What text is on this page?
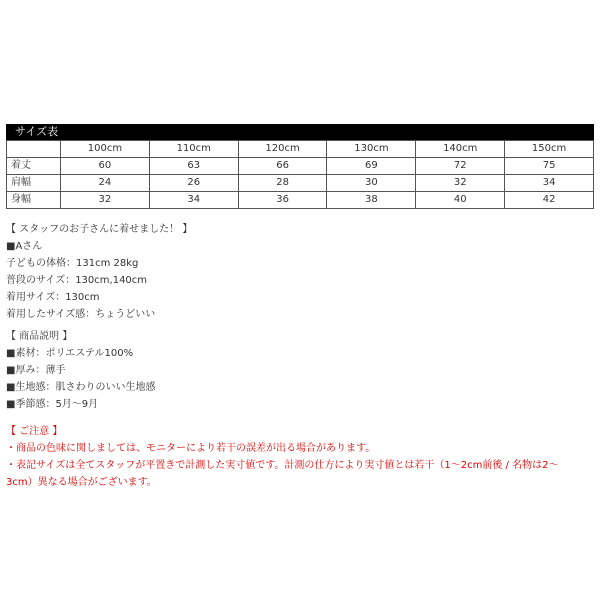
サイズ表
	100cm	110cm	120cm	130cm	140cm	150cm
着丈	60	63	66	69	72	75
肩幅	24	26	28	30	32	34
身幅	32	34	36	38	40	42
【 スタッフのお子さんに着せました！ 】
■Aさん
子どもの体格：131cm 28kg
普段のサイズ：130cm,140cm
着用サイズ：130cm
着用したサイズ感：ちょうどいい
【 商品説明 】
■素材：ポリエステル100%
■厚み：薄手
■生地感：肌さわりのいい生地感
■季節感：5月〜9月
【 ご注意 】
・商品の色味に関しましては、モニターにより若干の誤差が出る場合があります。
・表記サイズは全てスタッフが平置きで計測した実寸値です。計測の仕方により実寸値とは若干（1〜2cm前後 / 名物は2〜
3cm）異なる場合がございます。
